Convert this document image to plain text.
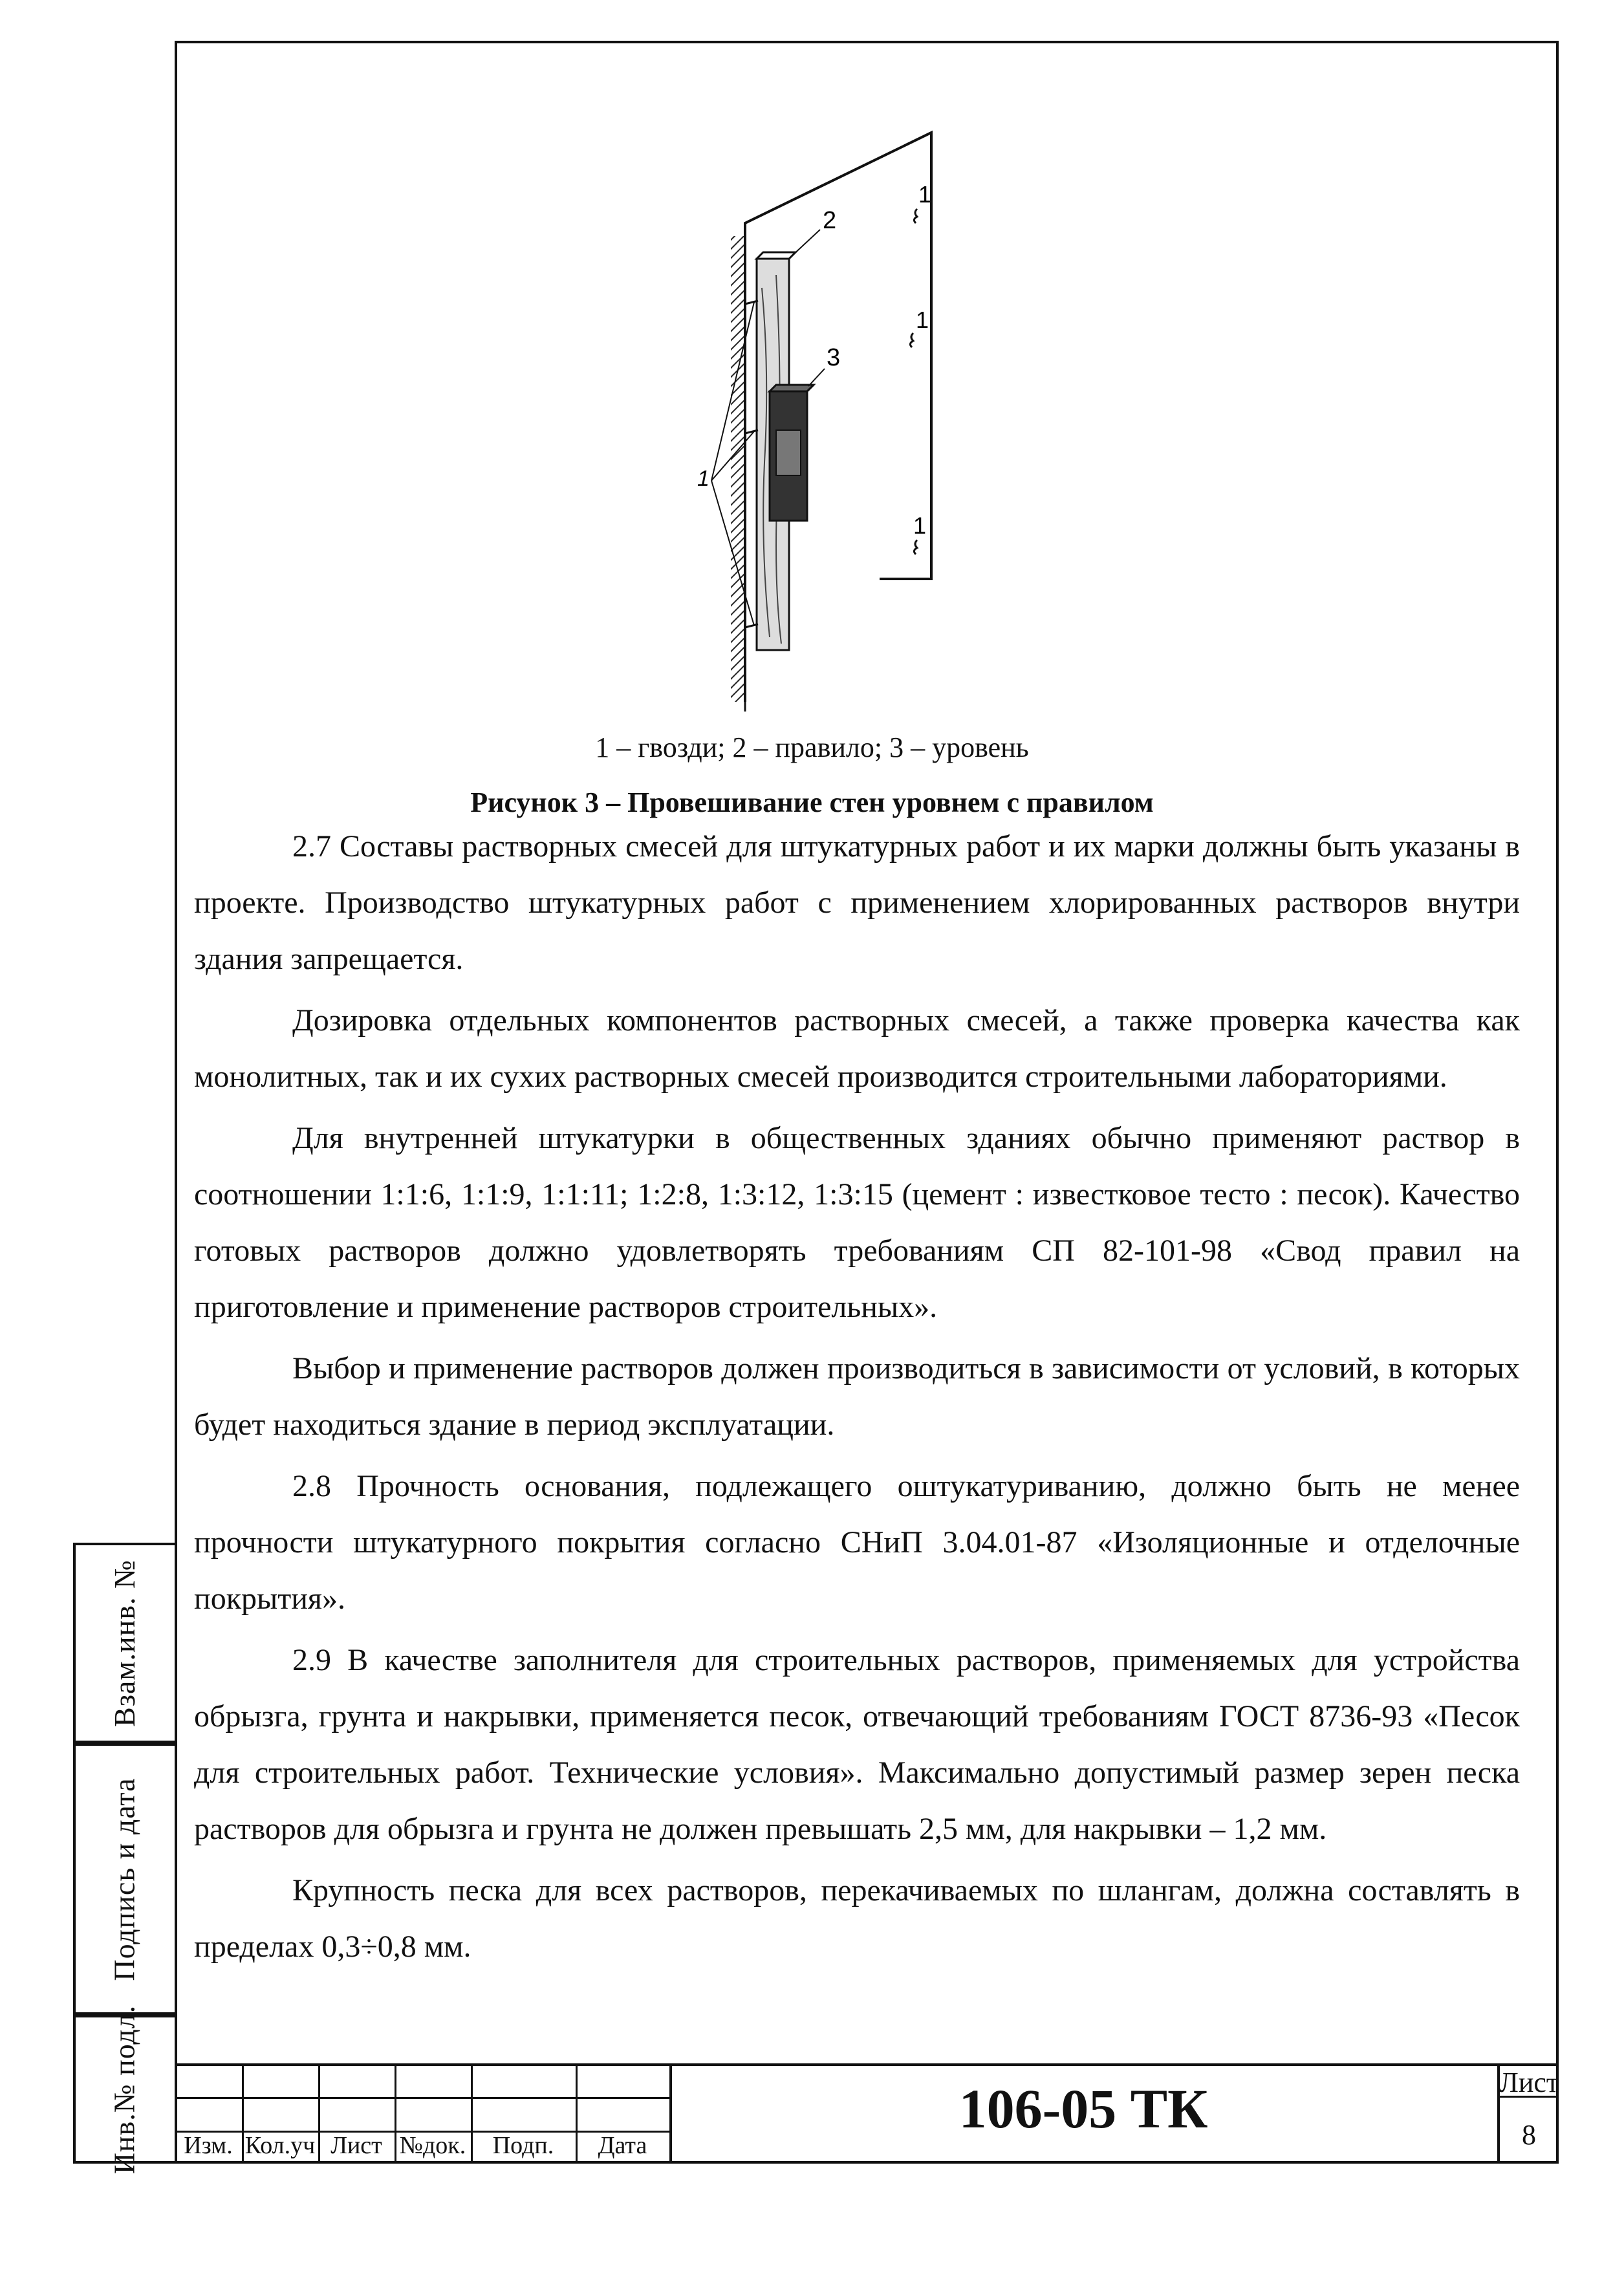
Взам.инв. №
Подпись и дата
Инв.№ подл.
1
2
3
1
1
1
1 – гвозди; 2 – правило; 3 – уровень
Рисунок 3 – Провешивание стен уровнем с правилом

2.7 Составы растворных смесей для штукатурных работ и их марки должны быть указаны в проекте. Производство штукатурных работ с применением хлорированных растворов внутри здания запрещается.

Дозировка отдельных компонентов растворных смесей, а также проверка качества как монолитных, так и их сухих растворных смесей производится строительными лабораториями.

Для внутренней штукатурки в общественных зданиях обычно применяют раствор в соотношении 1:1:6, 1:1:9, 1:1:11; 1:2:8, 1:3:12, 1:3:15 (цемент : известковое тесто : песок). Качество готовых растворов должно удовлетворять требованиям СП 82-101-98 «Свод правил на приготовление и применение растворов строительных».

Выбор и применение растворов должен производиться в зависимости от условий, в которых будет находиться здание в период эксплуатации.

2.8 Прочность основания, подлежащего оштукатуриванию, должно быть не менее прочности штукатурного покрытия согласно СНиП 3.04.01-87 «Изоляционные и отделочные покрытия».

2.9 В качестве заполнителя для строительных растворов, применяемых для устройства обрызга, грунта и накрывки, применяется песок, отвечающий требованиям ГОСТ 8736-93 «Песок для строительных работ. Технические условия». Максимально допустимый размер зерен песка растворов для обрызга и грунта не должен превышать 2,5 мм, для накрывки – 1,2 мм.

Крупность песка для всех растворов, перекачиваемых по шлангам, должна составлять в пределах 0,3÷0,8 мм.

Изм. Кол.уч Лист №док.	Подп.	Дата
106-05 ТК	Лист
8
